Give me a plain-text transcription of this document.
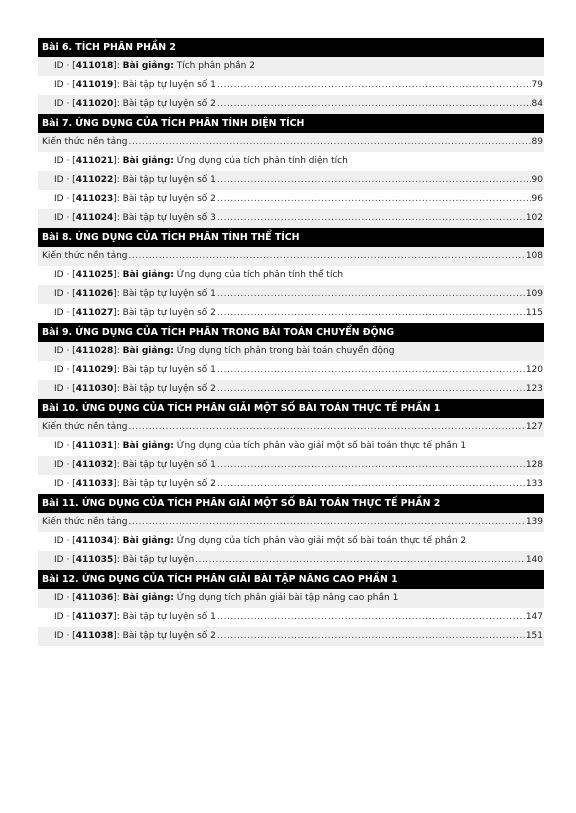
Bài 6. TÍCH PHÂN PHẦN 2
ID · [411018]: Bài giảng: Tích phân phần 2
ID · [411019]: Bài tập tự luyện số 1 .....	79
ID · [411020]: Bài tập tự luyện số 2 .....	84
Bài 7. ỨNG DỤNG CỦA TÍCH PHÂN TÍNH DIỆN TÍCH
Kiến thức nền tảng .....	89
ID · [411021]: Bài giảng: Ứng dụng của tích phân tính diện tích
ID · [411022]: Bài tập tự luyện số 1 .....	90
ID · [411023]: Bài tập tự luyện số 2 .....	96
ID · [411024]: Bài tập tự luyện số 3 .....	102
Bài 8. ỨNG DỤNG CỦA TÍCH PHÂN TÍNH THỂ TÍCH
Kiến thức nền tảng .....	108
ID · [411025]: Bài giảng: Ứng dụng của tích phân tính thể tích
ID · [411026]: Bài tập tự luyện số 1 .....	109
ID · [411027]: Bài tập tự luyện số 2 .....	115
Bài 9. ỨNG DỤNG CỦA TÍCH PHÂN TRONG BÀI TOÁN CHUYỂN ĐỘNG
ID · [411028]: Bài giảng: Ứng dụng tích phân trong bài toán chuyển động
ID · [411029]: Bài tập tự luyện số 1 .....	120
ID · [411030]: Bài tập tự luyện số 2 .....	123
Bài 10. ỨNG DỤNG CỦA TÍCH PHÂN GIẢI MỘT SỐ BÀI TOÁN THỰC TẾ PHẦN 1
Kiến thức nền tảng .....	127
ID · [411031]: Bài giảng: Ứng dụng của tích phân vào giải một số bài toán thực tế phần 1
ID · [411032]: Bài tập tự luyện số 1 .....	128
ID · [411033]: Bài tập tự luyện số 2 .....	133
Bài 11. ỨNG DỤNG CỦA TÍCH PHÂN GIẢI MỘT SỐ BÀI TOÁN THỰC TẾ PHẦN 2
Kiến thức nền tảng .....	139
ID · [411034]: Bài giảng: Ứng dụng của tích phân vào giải một số bài toán thực tế phần 2
ID · [411035]: Bài tập tự luyện .....	140
Bài 12. ỨNG DỤNG CỦA TÍCH PHÂN GIẢI BÀI TẬP NÂNG CAO PHẦN 1
ID · [411036]: Bài giảng: Ứng dụng tích phân giải bài tập nâng cao phần 1
ID · [411037]: Bài tập tự luyện số 1 .....	147
ID · [411038]: Bài tập tự luyện số 2 .....	151
